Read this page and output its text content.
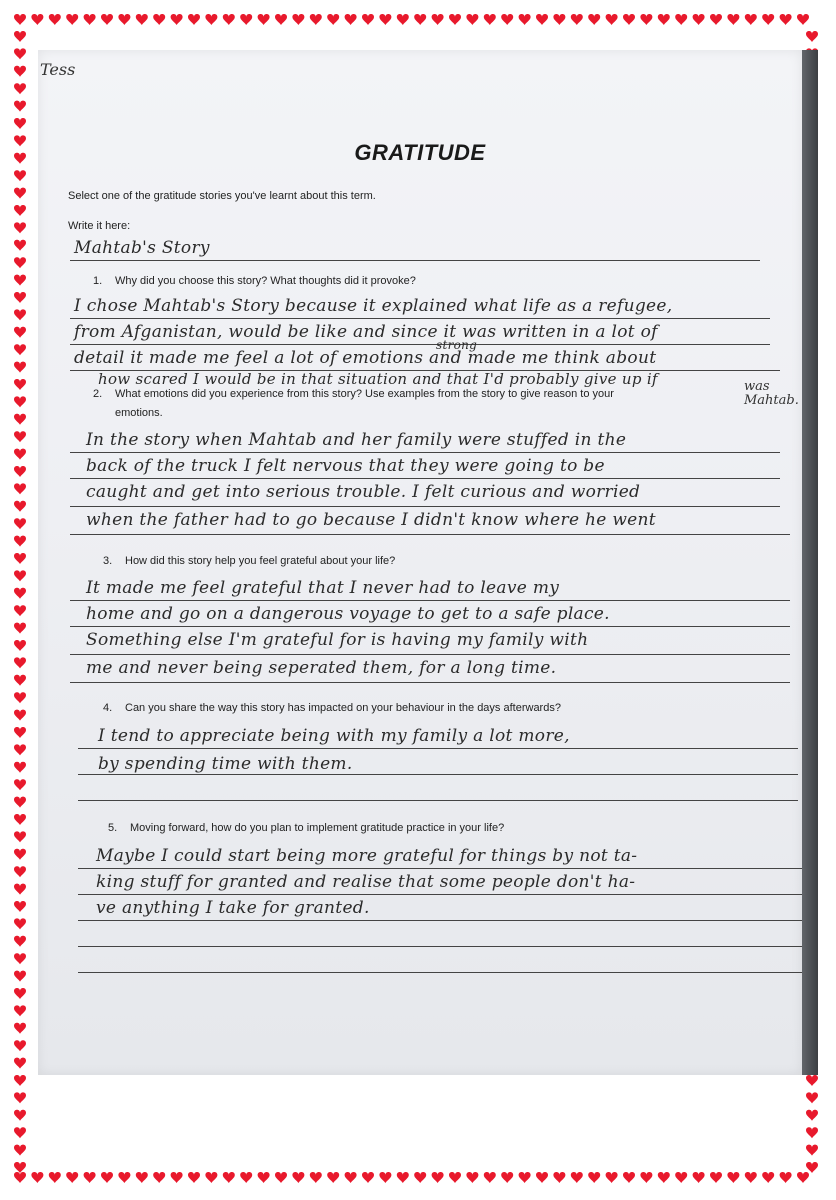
Tess
GRATITUDE
Select one of the gratitude stories you've learnt about this term.
Write it here:
Mahtab's Story
1. Why did you choose this story? What thoughts did it provoke?
I chose Mahtab's Story because it explained what life as a refugee,
from Afganistan, would be like and since it was written in a lot of
strong
detail it made me feel a lot of emotions and made me think about
how scared I would be in that situation and that I'd probably give up if	was Mahtab.
2. What emotions did you experience from this story? Use examples from the story to give reason to your
emotions.
In the story when Mahtab and her family were stuffed in the
back of the truck I felt nervous that they were going to be
caught and get into serious trouble. I felt curious and worried
when the father had to go because I didn't know where he went
3. How did this story help you feel grateful about your life?
It made me feel grateful that I never had to leave my
home and go on a dangerous voyage to get to a safe place.
Something else I'm grateful for is having my family with
me and never being seperated them, for a long time.
4. Can you share the way this story has impacted on your behaviour in the days afterwards?
I tend to appreciate being with my family a lot more,
by spending time with them.
5. Moving forward, how do you plan to implement gratitude practice in your life?
Maybe I could start being more grateful for things by not ta-
king stuff for granted and realise that some people don't ha-
ve anything I take for granted.
